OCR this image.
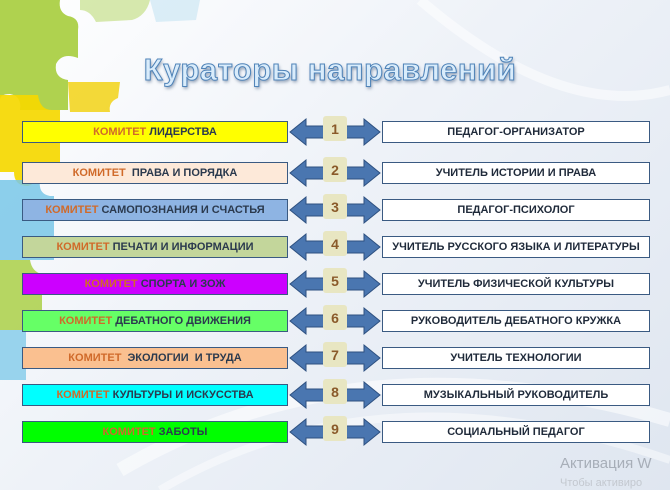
Кураторы направлений
КОМИТЕТ ЛИДЕРСТВА	1	ПЕДАГОГ-ОРГАНИЗАТОР
КОМИТЕТ ПРАВА И ПОРЯДКА	2	УЧИТЕЛЬ ИСТОРИИ И ПРАВА
КОМИТЕТ САМОПОЗНАНИЯ И СЧАСТЬЯ	3	ПЕДАГОГ-ПСИХОЛОГ
КОМИТЕТ ПЕЧАТИ И ИНФОРМАЦИИ	4	УЧИТЕЛЬ РУССКОГО ЯЗЫКА И ЛИТЕРАТУРЫ
КОМИТЕТ СПОРТА И ЗОЖ	5	УЧИТЕЛЬ ФИЗИЧЕСКОЙ КУЛЬТУРЫ
КОМИТЕТ ДЕБАТНОГО ДВИЖЕНИЯ	6	РУКОВОДИТЕЛЬ ДЕБАТНОГО КРУЖКА
КОМИТЕТ ЭКОЛОГИИ  И ТРУДА	7	УЧИТЕЛЬ ТЕХНОЛОГИИ
КОМИТЕТ КУЛЬТУРЫ И ИСКУССТВА	8	МУЗЫКАЛЬНЫЙ РУКОВОДИТЕЛЬ
КОМИТЕТ ЗАБОТЫ	9	СОЦИАЛЬНЫЙ ПЕДАГОГ
Активация W
Чтобы активиро
